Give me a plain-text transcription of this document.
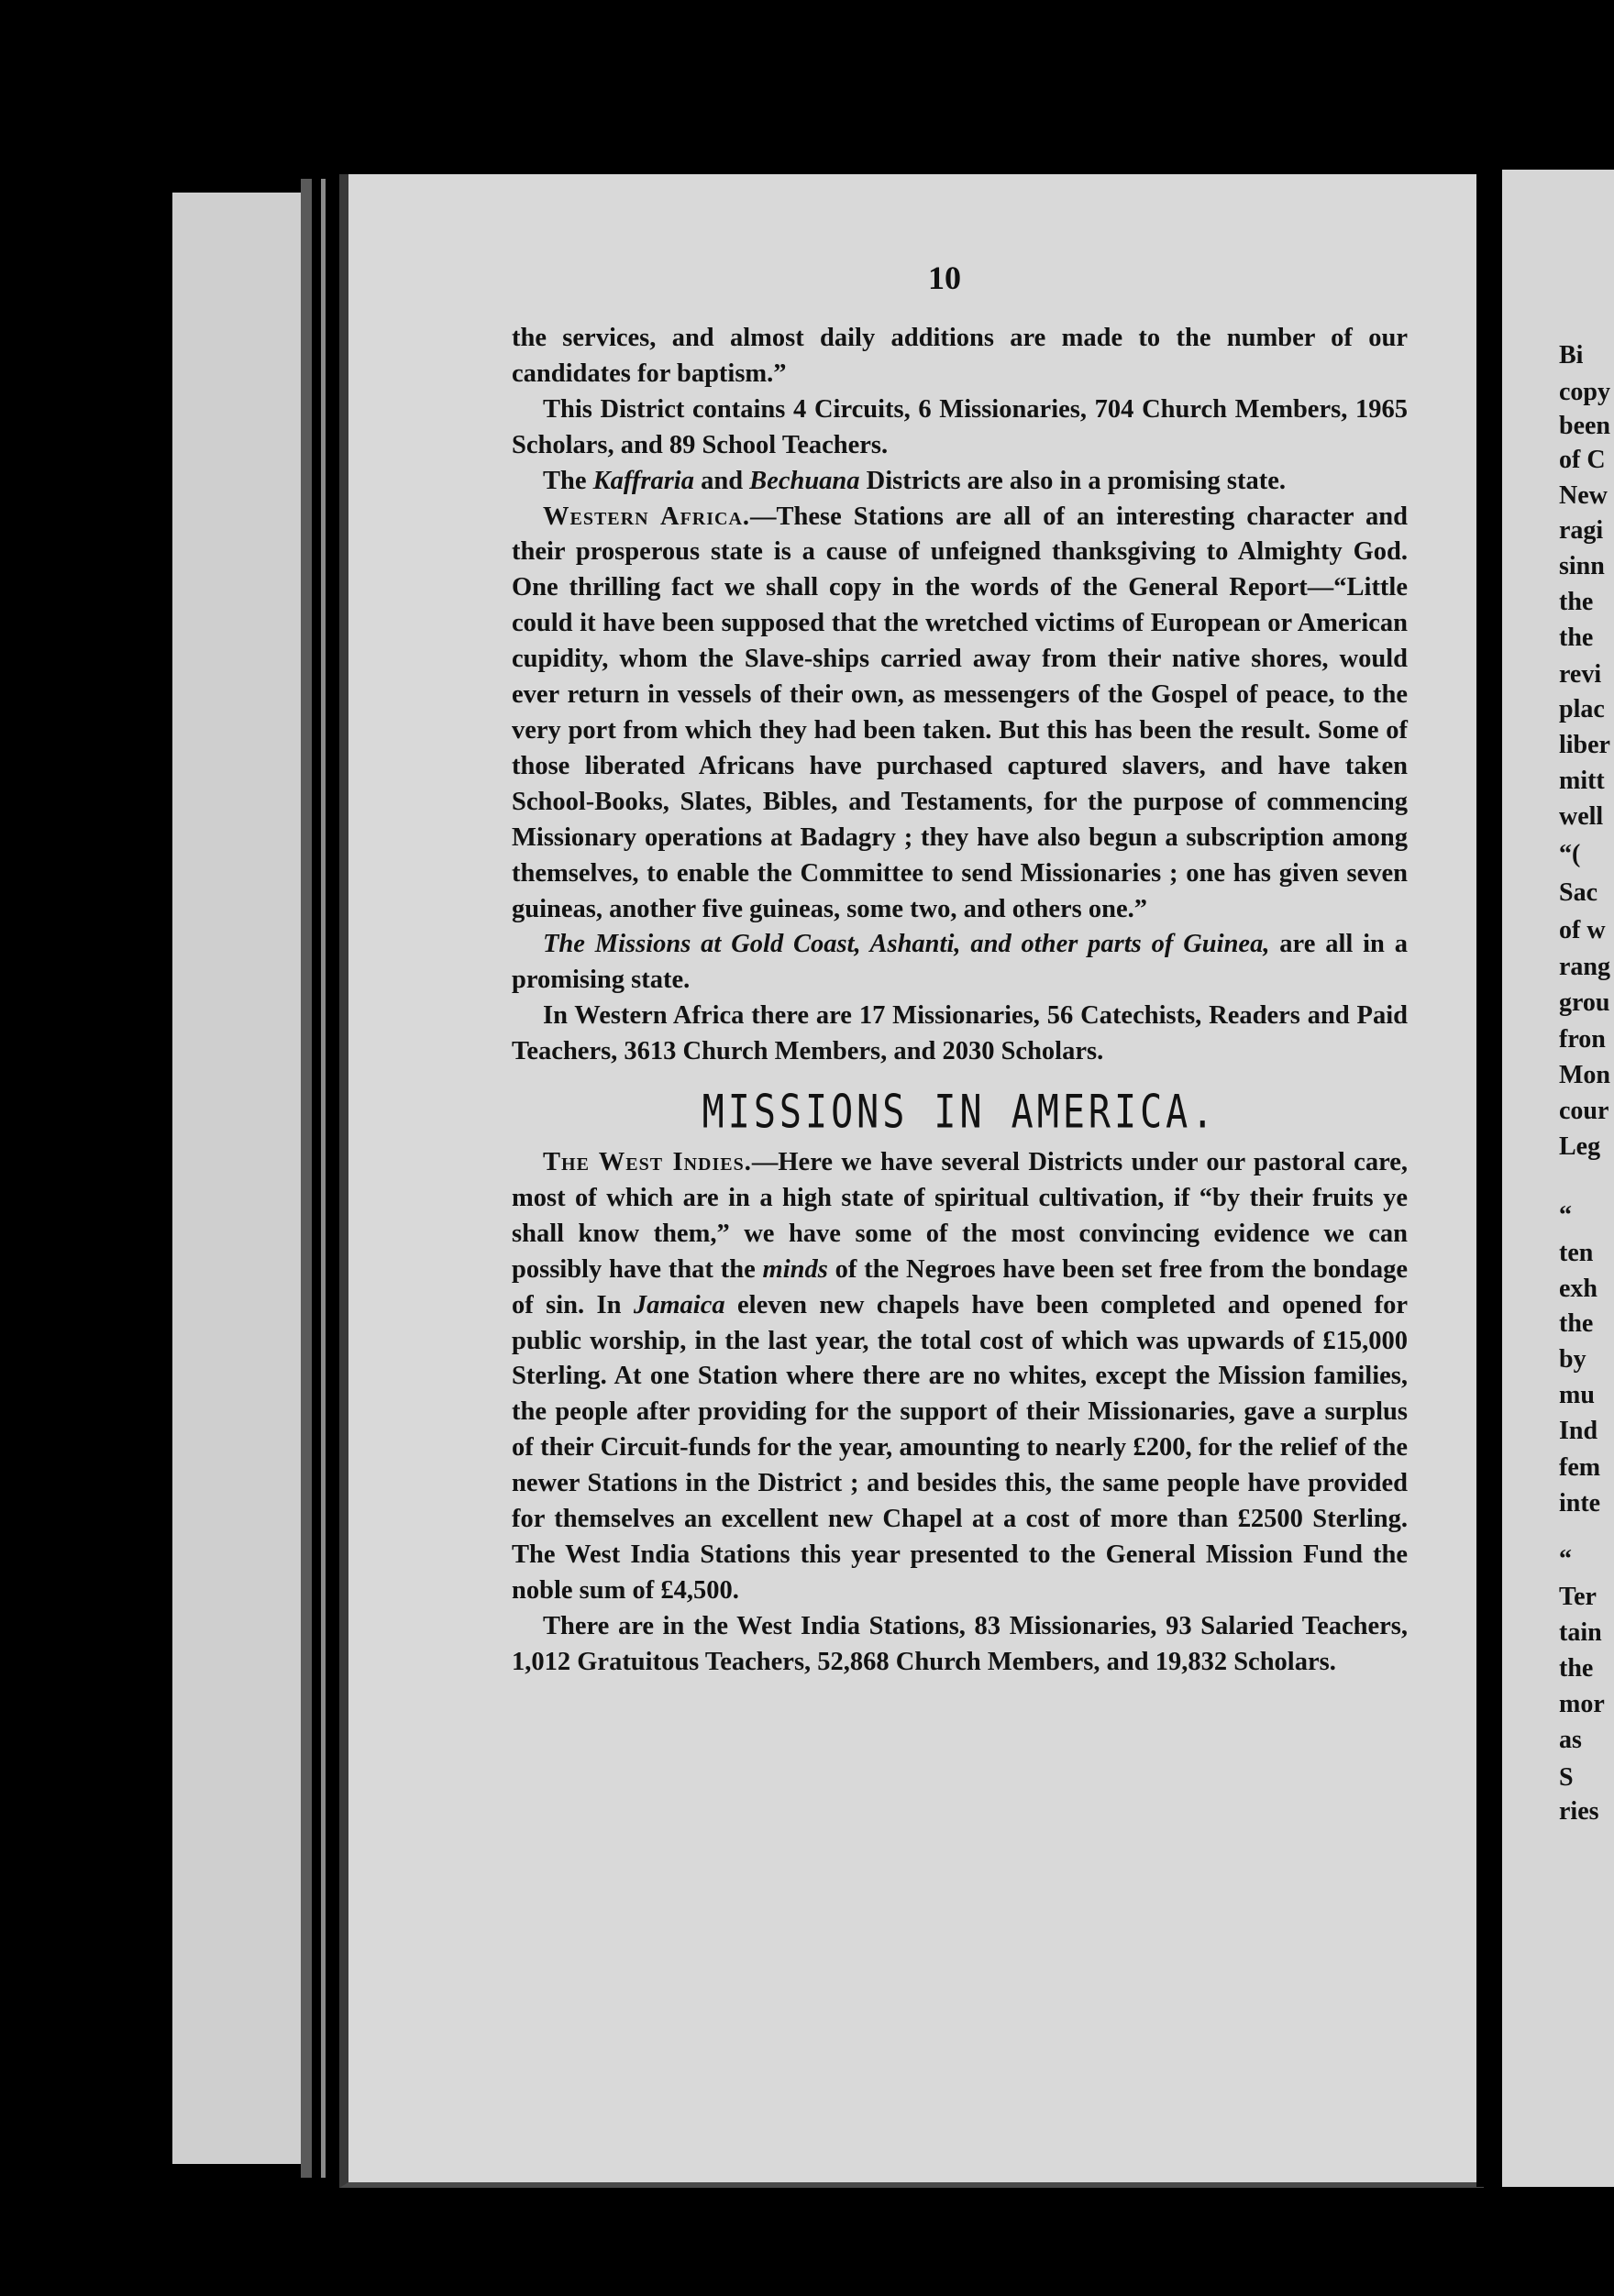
10

the services, and almost daily additions are made to the number of our candidates for baptism.”

This District contains 4 Circuits, 6 Missionaries, 704 Church Members, 1965 Scholars, and 89 School Teachers.

The Kaffraria and Bechuana Districts are also in a promising state.

Western Africa.—These Stations are all of an interesting character and their prosperous state is a cause of unfeigned thanksgiving to Almighty God. One thrilling fact we shall copy in the words of the General Report—“Little could it have been supposed that the wretched victims of European or American cupidity, whom the Slave-ships carried away from their native shores, would ever return in vessels of their own, as messengers of the Gospel of peace, to the very port from which they had been taken. But this has been the result. Some of those liberated Africans have purchased captured slavers, and have taken School-Books, Slates, Bibles, and Testaments, for the purpose of commencing Missionary operations at Badagry ; they have also begun a subscription among themselves, to enable the Committee to send Missionaries ; one has given seven guineas, another five guineas, some two, and others one.”

The Missions at Gold Coast, Ashanti, and other parts of Guinea, are all in a promising state.

In Western Africa there are 17 Missionaries, 56 Catechists, Readers and Paid Teachers, 3613 Church Members, and 2030 Scholars.

MISSIONS IN AMERICA.

The West Indies.—Here we have several Districts under our pastoral care, most of which are in a high state of spiritual cultivation, if “by their fruits ye shall know them,” we have some of the most convincing evidence we can possibly have that the minds of the Negroes have been set free from the bondage of sin. In Jamaica eleven new chapels have been completed and opened for public worship, in the last year, the total cost of which was upwards of £15,000 Sterling. At one Station where there are no whites, except the Mission families, the people after providing for the support of their Missionaries, gave a surplus of their Circuit-funds for the year, amounting to nearly £200, for the relief of the newer Stations in the District ; and besides this, the same people have provided for themselves an excellent new Chapel at a cost of more than £2500 Sterling. The West India Stations this year presented to the General Mission Fund the noble sum of £4,500.

There are in the West India Stations, 83 Missionaries, 93 Salaried Teachers, 1,012 Gratuitous Teachers, 52,868 Church Members, and 19,832 Scholars.

Bi
copy
been
of C
New
ragi
sinn
the
the
revi
plac
liber
mitt
well
“(
Sac
of w
rang
grou
fron
Mon
cour
Leg
“
ten
exh
the
by
mu
Ind
fem
inte
“
Ter
tain
the
mor
as
S
ries
